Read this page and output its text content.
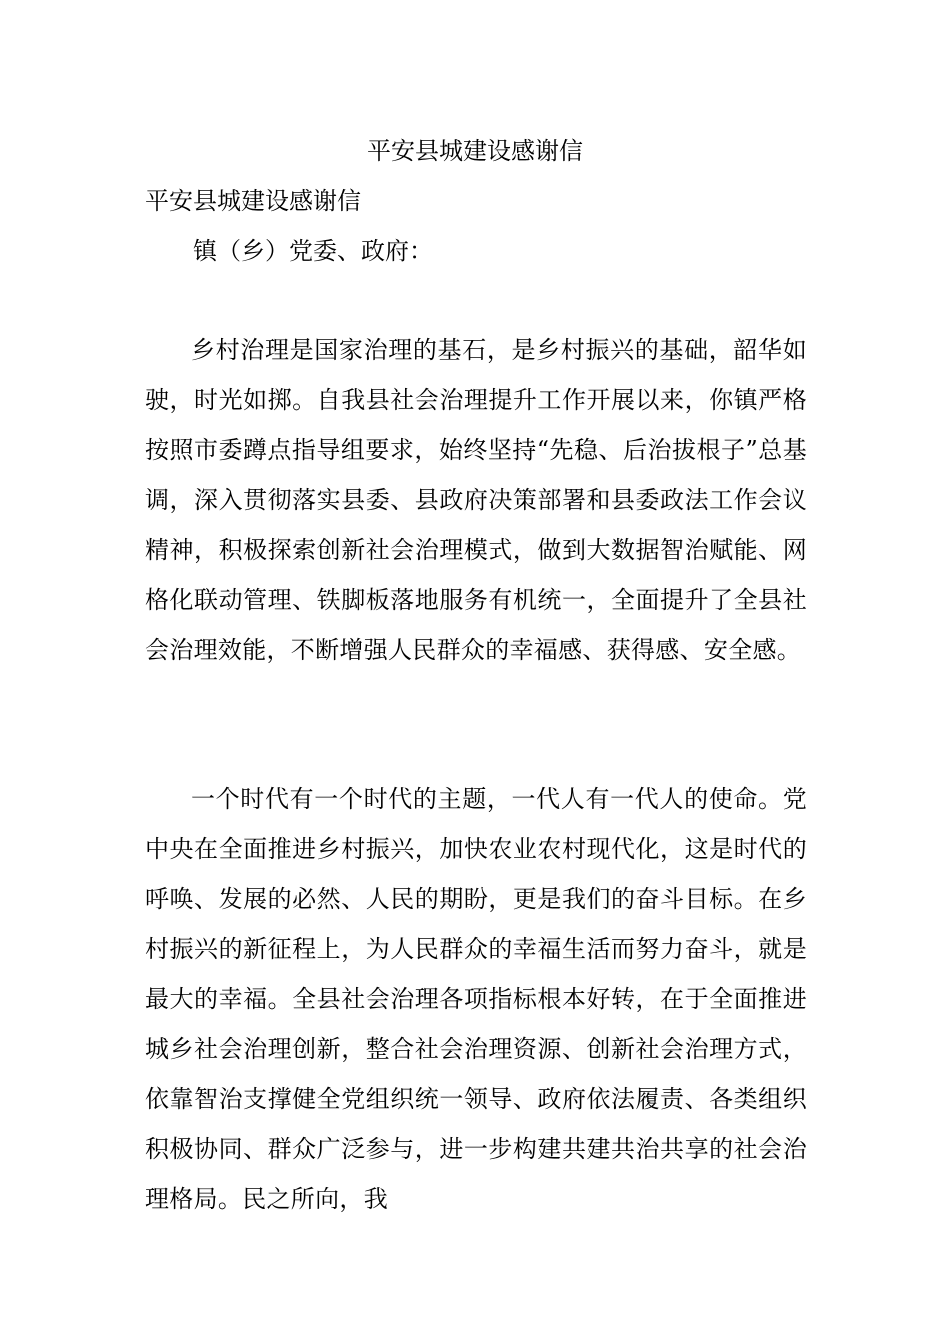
平安县城建设感谢信

平安县城建设感谢信

镇（乡）党委、政府：

乡村治理是国家治理的基石，是乡村振兴的基础，韶华如驶，时光如掷。自我县社会治理提升工作开展以来，你镇严格按照市委蹲点指导组要求，始终坚持“先稳、后治拔根子”总基调，深入贯彻落实县委、县政府决策部署和县委政法工作会议精神，积极探索创新社会治理模式，做到大数据智治赋能、网格化联动管理、铁脚板落地服务有机统一，全面提升了全县社会治理效能，不断增强人民群众的幸福感、获得感、安全感。

一个时代有一个时代的主题，一代人有一代人的使命。党中央在全面推进乡村振兴，加快农业农村现代化，这是时代的呼唤、发展的必然、人民的期盼，更是我们的奋斗目标。在乡村振兴的新征程上，为人民群众的幸福生活而努力奋斗，就是最大的幸福。全县社会治理各项指标根本好转，在于全面推进城乡社会治理创新，整合社会治理资源、创新社会治理方式，依靠智治支撑健全党组织统一领导、政府依法履责、各类组织积极协同、群众广泛参与，进一步构建共建共治共享的社会治理格局。民之所向，我
